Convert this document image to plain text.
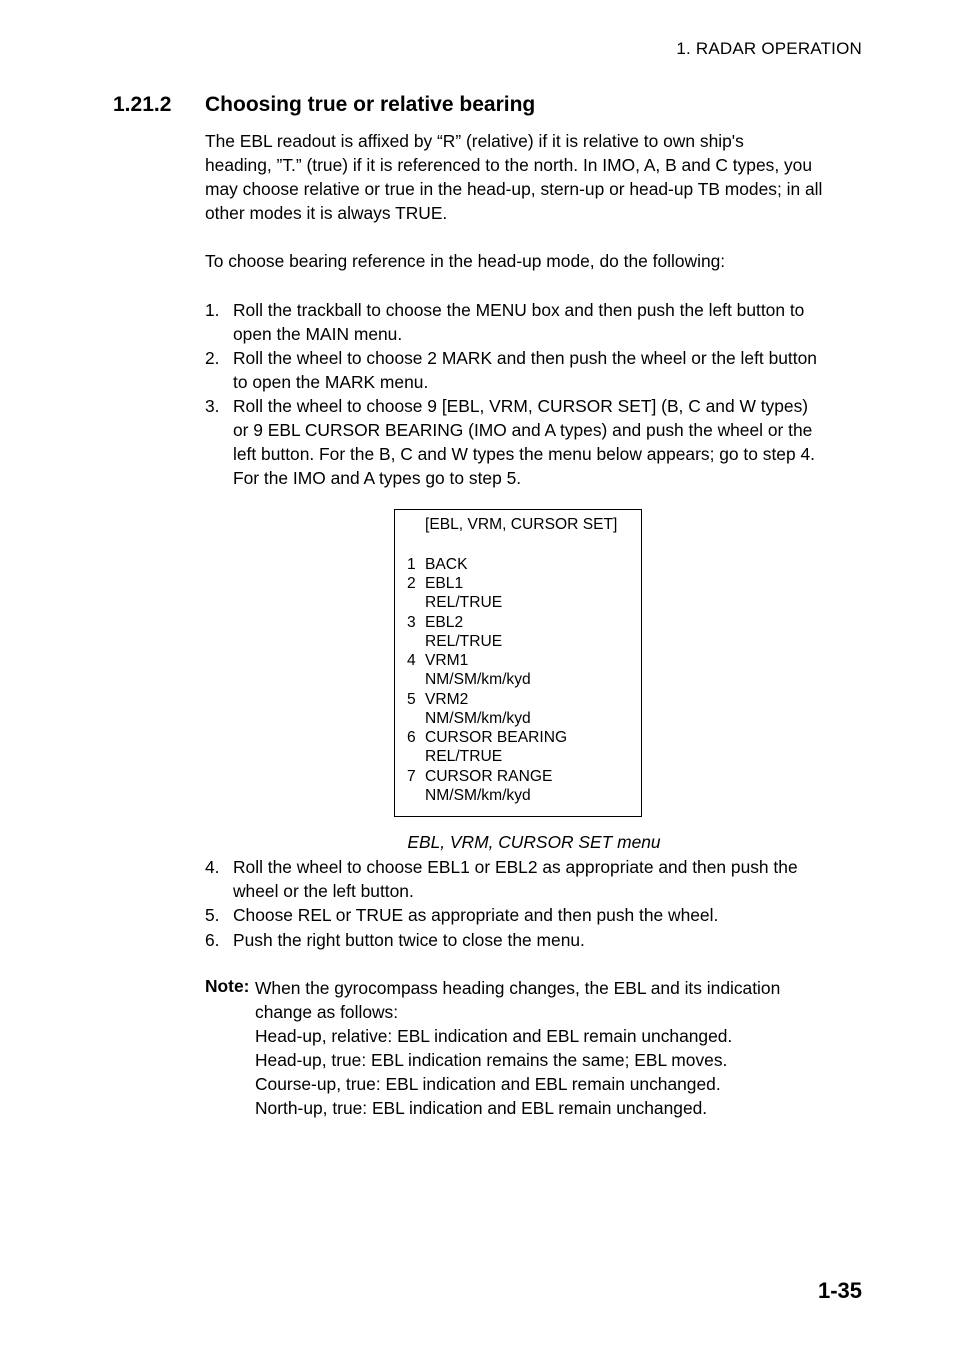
1. RADAR OPERATION
1.21.2 Choosing true or relative bearing
The EBL readout is affixed by “R” (relative) if it is relative to own ship's
heading, ”T.” (true) if it is referenced to the north. In IMO, A, B and C types, you
may choose relative or true in the head-up, stern-up or head-up TB modes; in all
other modes it is always TRUE.
To choose bearing reference in the head-up mode, do the following:
1. Roll the trackball to choose the MENU box and then push the left button to
open the MAIN menu.
2. Roll the wheel to choose 2 MARK and then push the wheel or the left button
to open the MARK menu.
3. Roll the wheel to choose 9 [EBL, VRM, CURSOR SET] (B, C and W types)
or 9 EBL CURSOR BEARING (IMO and A types) and push the wheel or the
left button. For the B, C and W types the menu below appears; go to step 4.
For the IMO and A types go to step 5.
[EBL, VRM, CURSOR SET]
1 BACK
2 EBL1
REL/TRUE
3 EBL2
REL/TRUE
4 VRM1
NM/SM/km/kyd
5 VRM2
NM/SM/km/kyd
6 CURSOR BEARING
REL/TRUE
7 CURSOR RANGE
NM/SM/km/kyd
EBL, VRM, CURSOR SET menu
4. Roll the wheel to choose EBL1 or EBL2 as appropriate and then push the
wheel or the left button.
5. Choose REL or TRUE as appropriate and then push the wheel.
6. Push the right button twice to close the menu.
Note: When the gyrocompass heading changes, the EBL and its indication
change as follows:
Head-up, relative: EBL indication and EBL remain unchanged.
Head-up, true: EBL indication remains the same; EBL moves.
Course-up, true: EBL indication and EBL remain unchanged.
North-up, true: EBL indication and EBL remain unchanged.
1-35
